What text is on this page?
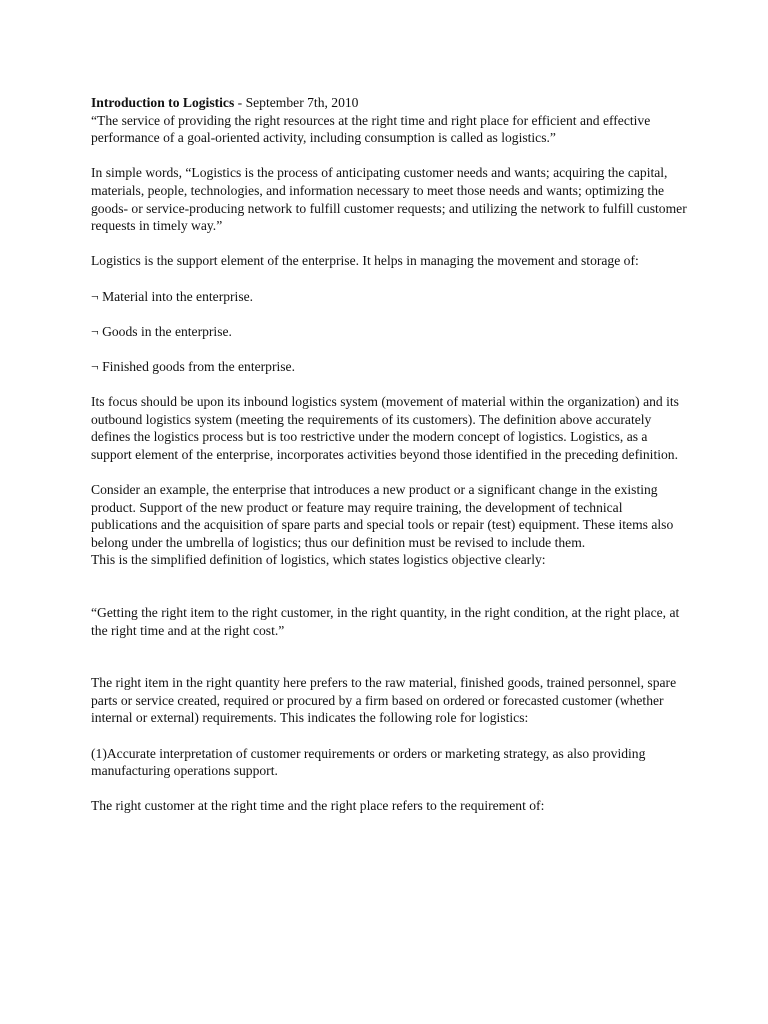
Introduction to Logistics - September 7th, 2010

“The service of providing the right resources at the right time and right place for efficient and effective performance of a goal-oriented activity, including consumption is called as logistics.”

In simple words, “Logistics is the process of anticipating customer needs and wants; acquiring the capital, materials, people, technologies, and information necessary to meet those needs and wants; optimizing the goods- or service-producing network to fulfill customer requests; and utilizing the network to fulfill customer requests in timely way.”

Logistics is the support element of the enterprise. It helps in managing the movement and storage of:

¬ Material into the enterprise.

¬ Goods in the enterprise.

¬ Finished goods from the enterprise.

Its focus should be upon its inbound logistics system (movement of material within the organization) and its outbound logistics system (meeting the requirements of its customers). The definition above accurately defines the logistics process but is too restrictive under the modern concept of logistics. Logistics, as a support element of the enterprise, incorporates activities beyond those identified in the preceding definition.

Consider an example, the enterprise that introduces a new product or a significant change in the existing product. Support of the new product or feature may require training, the development of technical publications and the acquisition of spare parts and special tools or repair (test) equipment. These items also belong under the umbrella of logistics; thus our definition must be revised to include them.

This is the simplified definition of logistics, which states logistics objective clearly:

“Getting the right item to the right customer, in the right quantity, in the right condition, at the right place, at the right time and at the right cost.”

The right item in the right quantity here prefers to the raw material, finished goods, trained personnel, spare parts or service created, required or procured by a firm based on ordered or forecasted customer (whether internal or external) requirements. This indicates the following role for logistics:

(1)Accurate interpretation of customer requirements or orders or marketing strategy, as also providing manufacturing operations support.

The right customer at the right time and the right place refers to the requirement of:
